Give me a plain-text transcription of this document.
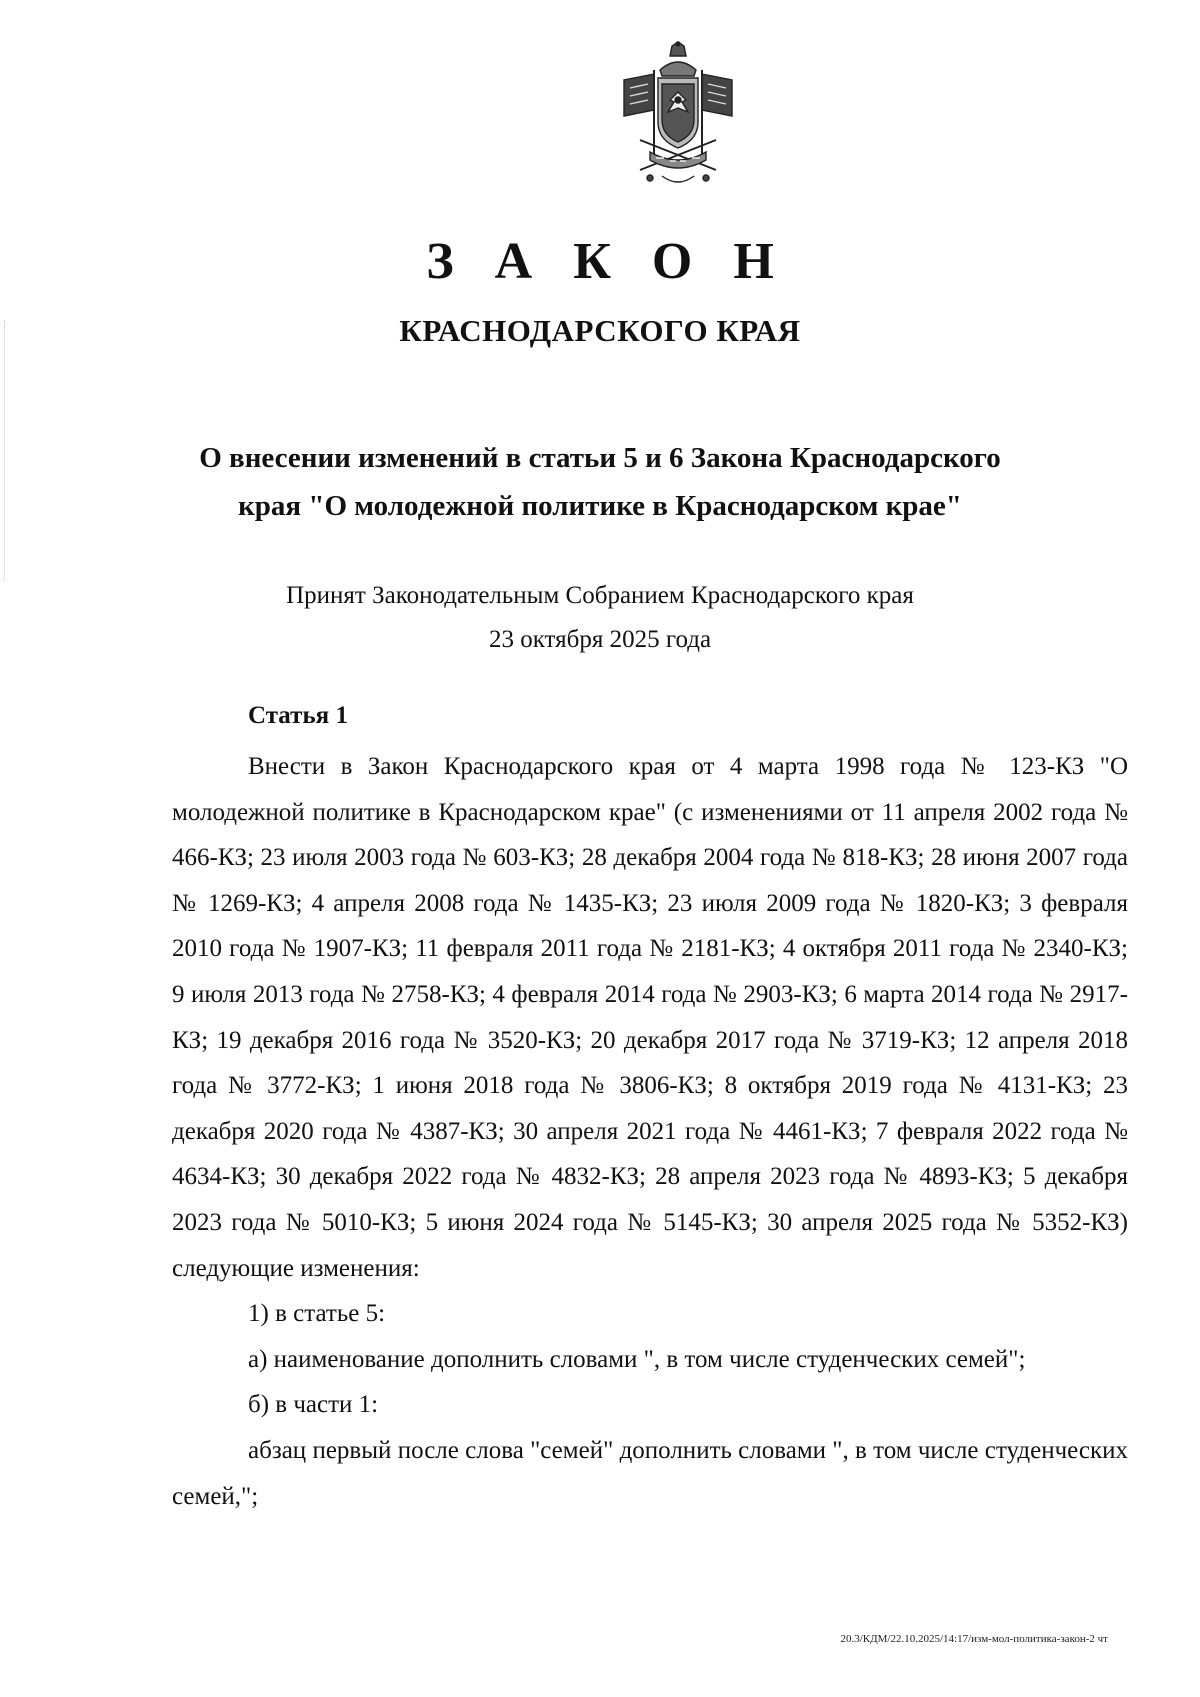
З А К О Н
КРАСНОДАРСКОГО КРАЯ
О внесении изменений в статьи 5 и 6 Закона Краснодарского
края "О молодежной политике в Краснодарском крае"
Принят Законодательным Собранием Краснодарского края
23 октября 2025 года
Статья 1

Внести в Закон Краснодарского края от 4 марта 1998 года № 123-КЗ "О молодежной политике в Краснодарском крае" (с изменениями от 11 апреля 2002 года № 466-КЗ; 23 июля 2003 года № 603-КЗ; 28 декабря 2004 года № 818-КЗ; 28 июня 2007 года № 1269-КЗ; 4 апреля 2008 года № 1435-КЗ; 23 июля 2009 года № 1820-КЗ; 3 февраля 2010 года № 1907-КЗ; 11 февраля 2011 года № 2181-КЗ; 4 октября 2011 года № 2340-КЗ; 9 июля 2013 года № 2758-КЗ; 4 февраля 2014 года № 2903-КЗ; 6 марта 2014 года № 2917-КЗ; 19 декабря 2016 года № 3520-КЗ; 20 декабря 2017 года № 3719-КЗ; 12 апреля 2018 года № 3772-КЗ; 1 июня 2018 года № 3806-КЗ; 8 октября 2019 года № 4131-КЗ; 23 декабря 2020 года № 4387-КЗ; 30 апреля 2021 года № 4461-КЗ; 7 февраля 2022 года № 4634-КЗ; 30 декабря 2022 года № 4832-КЗ; 28 апреля 2023 года № 4893-КЗ; 5 декабря 2023 года № 5010-КЗ; 5 июня 2024 года № 5145-КЗ; 30 апреля 2025 года № 5352-КЗ) следующие изменения:

1) в статье 5:

а) наименование дополнить словами ", в том числе студенческих семей";

б) в части 1:

абзац первый после слова "семей" дополнить словами ", в том числе студенческих семей,";

20.3/КДМ/22.10.2025/14:17/изм-мол-политика-закон-2 чт
